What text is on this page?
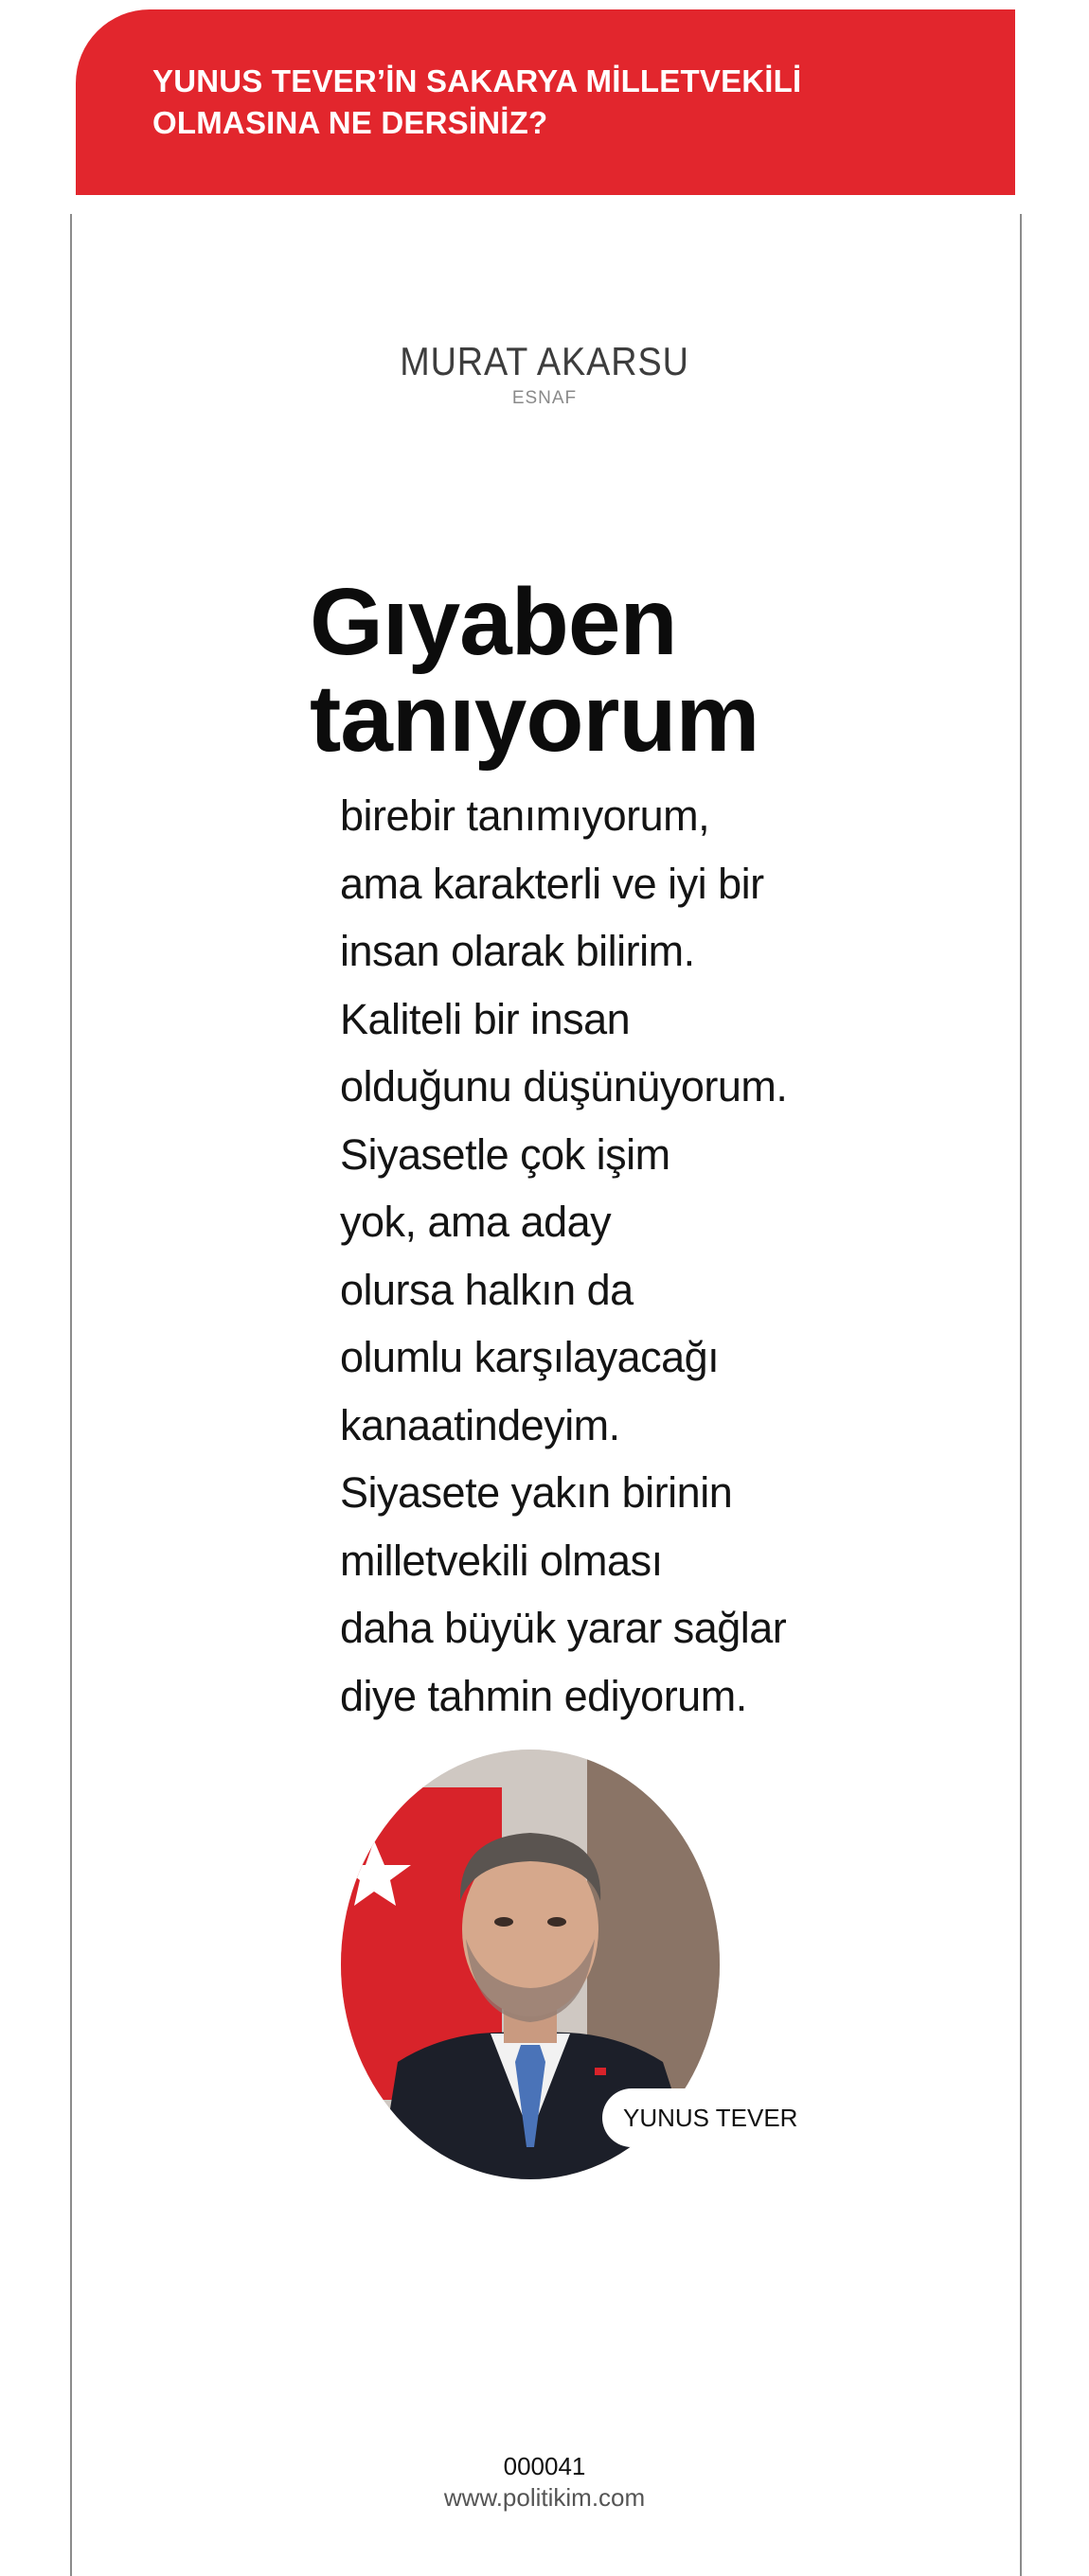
YUNUS TEVER’İN SAKARYA MİLLETVEKİLİ OLMASINA NE DERSİNİZ?
MURAT AKARSU
ESNAF
Gıyaben tanıyorum
birebir tanımıyorum,
ama karakterli ve iyi bir
insan olarak bilirim.
Kaliteli bir insan
olduğunu düşünüyorum.
Siyasetle çok işim
yok, ama aday
olursa halkın da
olumlu karşılayacağı
kanaatindeyim.
Siyasete yakın birinin
milletvekili olması
daha büyük yarar sağlar
diye tahmin ediyorum.
YUNUS TEVER
000041
www.politikim.com
